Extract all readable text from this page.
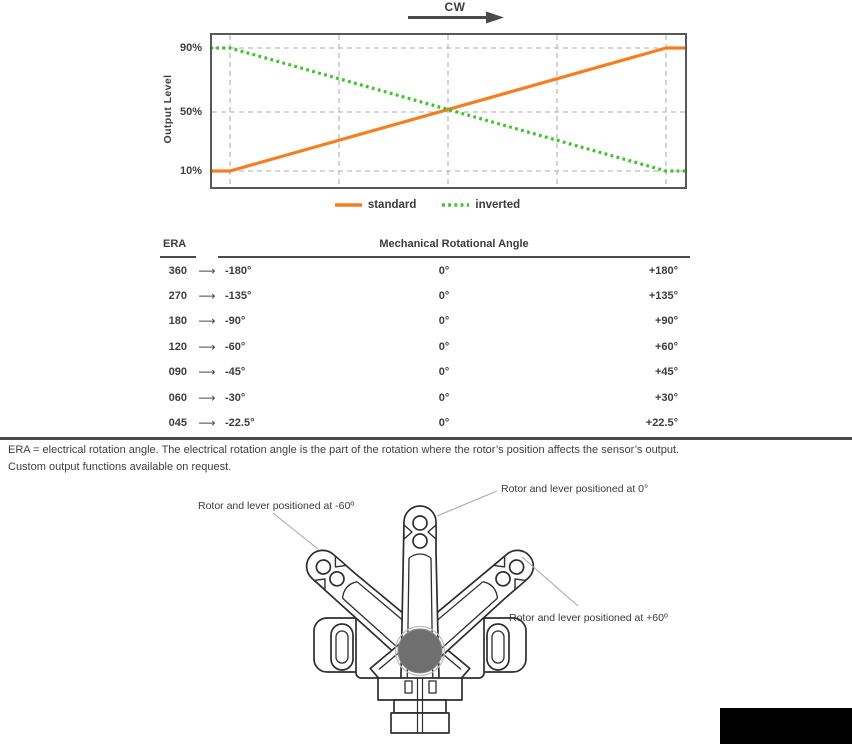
CW
Output Level
90%
50%
10%
standard	inverted
ERA	Mechanical Rotational Angle
360 ⟶ -180°	0°	+180°
270 ⟶ -135°	0°	+135°
180 ⟶ -90°	0°	+90°
120 ⟶ -60°	0°	+60°
090 ⟶ -45°	0°	+45°
060 ⟶ -30°	0°	+30°
045 ⟶ -22.5°	0°	+22.5°
ERA = electrical rotation angle. The electrical rotation angle is the part of the rotation where the rotor’s position affects the sensor’s output.
Custom output functions available on request.
Rotor and lever positioned at -60º
Rotor and lever positioned at 0°
Rotor and lever positioned at +60º
